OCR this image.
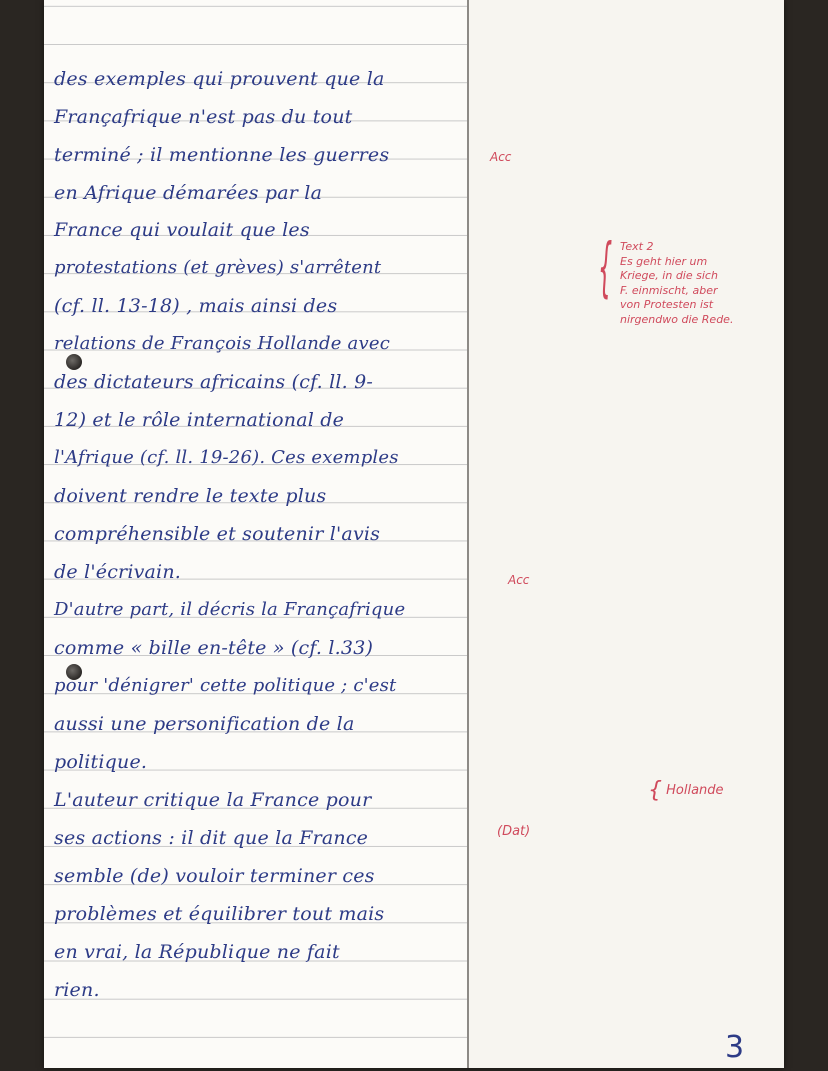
des exemples qui prouvent que la
Françafrique n'est pas du tout
terminé ; il mentionne les guerres
en Afrique démarées par la
France qui voulait que les
protestations (et grèves) s'arrêtent
(cf. ll. 13-18) , mais ainsi des
relations de François Hollande avec
des dictateurs africains (cf. ll. 9-
12) et le rôle international de
l'Afrique (cf. ll. 19-26). Ces exemples
doivent rendre le texte plus
compréhensible et soutenir l'avis
de l'écrivain.
D'autre part, il décris la Françafrique
comme « bille en-tête » (cf. l.33)
pour 'dénigrer' cette politique ; c'est
aussi une personification de la
politique.
L'auteur critique la France pour
ses actions : il dit que la France
semble (de) vouloir terminer ces
problèmes et équilibrer tout mais
en vrai, la République ne fait
rien.
Acc
{ Text 2
Es geht hier um
Kriege, in die sich
F. einmischt, aber
von Protesten ist
nirgendwo die Rede.
Acc
{ Hollande
(Dat)
3
